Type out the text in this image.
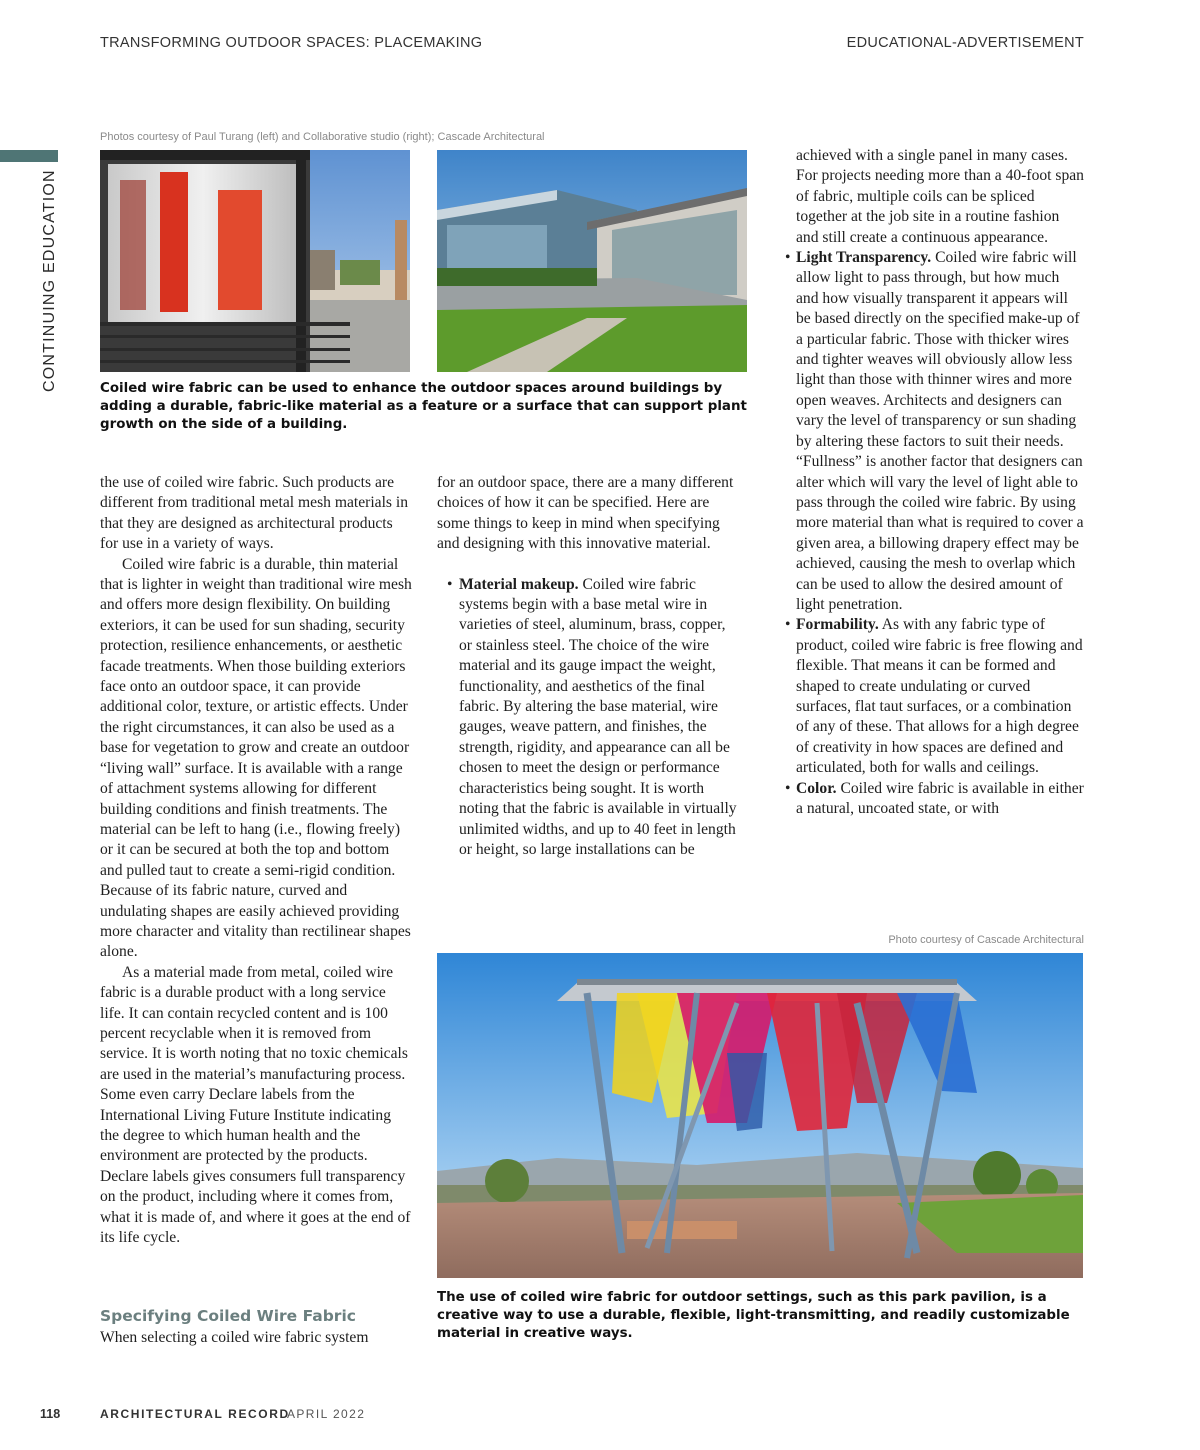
TRANSFORMING OUTDOOR SPACES: PLACEMAKING	EDUCATIONAL-ADVERTISEMENT
CONTINUING EDUCATION
Photos courtesy of Paul Turang (left) and Collaborative studio (right); Cascade Architectural
Coiled wire fabric can be used to enhance the outdoor spaces around buildings by adding a durable, fabric-like material as a feature or a surface that can support plant growth on the side of a building.

the use of coiled wire fabric. Such products are different from traditional metal mesh materials in that they are designed as architectural products for use in a variety of ways.

Coiled wire fabric is a durable, thin material that is lighter in weight than traditional wire mesh and offers more design flexibility. On building exteriors, it can be used for sun shading, security protection, resilience enhancements, or aesthetic facade treatments. When those building exteriors face onto an outdoor space, it can provide additional color, texture, or artistic effects. Under the right circumstances, it can also be used as a base for vegetation to grow and create an outdoor “living wall” surface. It is available with a range of attachment systems allowing for different building conditions and finish treatments. The material can be left to hang (i.e., flowing freely) or it can be secured at both the top and bottom and pulled taut to create a semi-rigid condition. Because of its fabric nature, curved and undulating shapes are easily achieved providing more character and vitality than rectilinear shapes alone.

As a material made from metal, coiled wire fabric is a durable product with a long service life. It can contain recycled content and is 100 percent recyclable when it is removed from service. It is worth noting that no toxic chemicals are used in the material’s manufacturing process. Some even carry Declare labels from the International Living Future Institute indicating the degree to which human health and the environment are protected by the products. Declare labels gives consumers full transparency on the product, including where it comes from, what it is made of, and where it goes at the end of its life cycle.

Specifying Coiled Wire Fabric
When selecting a coiled wire fabric system

for an outdoor space, there are a many different choices of how it can be specified. Here are some things to keep in mind when specifying and designing with this innovative material.

• Material makeup. Coiled wire fabric systems begin with a base metal wire in varieties of steel, aluminum, brass, copper, or stainless steel. The choice of the wire material and its gauge impact the weight, functionality, and aesthetics of the final fabric. By altering the base material, wire gauges, weave pattern, and finishes, the strength, rigidity, and appearance can all be chosen to meet the design or performance characteristics being sought. It is worth noting that the fabric is available in virtually unlimited widths, and up to 40 feet in length or height, so large installations can be

achieved with a single panel in many cases. For projects needing more than a 40-foot span of fabric, multiple coils can be spliced together at the job site in a routine fashion and still create a continuous appearance.

• Light Transparency. Coiled wire fabric will allow light to pass through, but how much and how visually transparent it appears will be based directly on the specified make-up of a particular fabric. Those with thicker wires and tighter weaves will obviously allow less light than those with thinner wires and more open weaves. Architects and designers can vary the level of transparency or sun shading by altering these factors to suit their needs. “Fullness” is another factor that designers can alter which will vary the level of light able to pass through the coiled wire fabric. By using more material than what is required to cover a given area, a billowing drapery effect may be achieved, causing the mesh to overlap which can be used to allow the desired amount of light penetration.

• Formability. As with any fabric type of product, coiled wire fabric is free flowing and flexible. That means it can be formed and shaped to create undulating or curved surfaces, flat taut surfaces, or a combination of any of these. That allows for a high degree of creativity in how spaces are defined and articulated, both for walls and ceilings.

• Color. Coiled wire fabric is available in either a natural, uncoated state, or with

Photo courtesy of Cascade Architectural
The use of coiled wire fabric for outdoor settings, such as this park pavilion, is a creative way to use a durable, flexible, light-transmitting, and readily customizable material in creative ways.
118	ARCHITECTURAL RECORD
APRIL 2022
